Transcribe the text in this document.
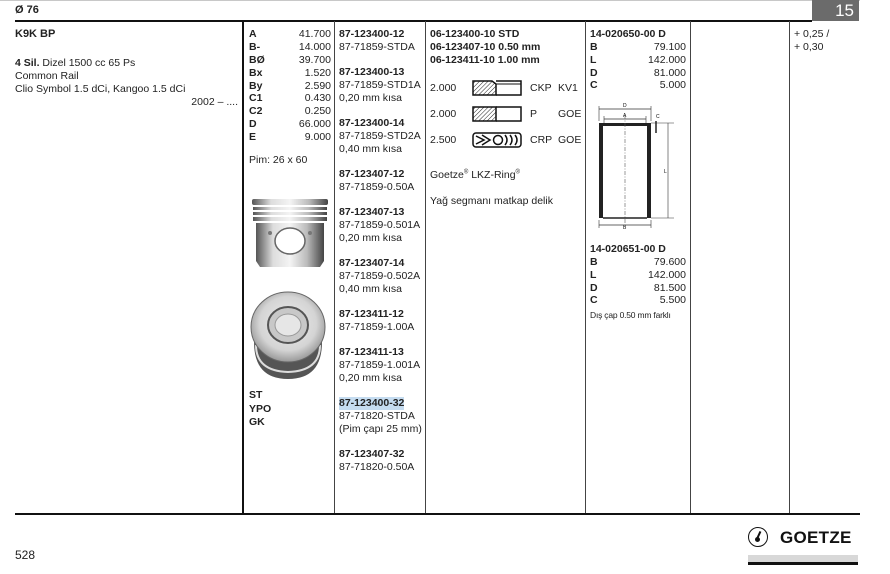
Ø 76	15
K9K BP
4 Sil. Dizel 1500 cc 65 Ps
Common Rail
Clio Symbol 1.5 dCi, Kangoo 1.5 dCi
2002 – ....
A	41.700
B-	14.000
BØ	39.700
Bx	1.520
By	2.590
C1	0.430
C2	0.250
D	66.000
E	9.000
Pim: 26 x 60
ST
YPO
GK
87-123400-12
87-71859-STDA
87-123400-13
87-71859-STD1A
0,20 mm kısa
87-123400-14
87-71859-STD2A
0,40 mm kısa
87-123407-12
87-71859-0.50A
87-123407-13
87-71859-0.501A
0,20 mm kısa
87-123407-14
87-71859-0.502A
0,40 mm kısa
87-123411-12
87-71859-1.00A
87-123411-13
87-71859-1.001A
0,20 mm kısa
87-123400-32
87-71820-STDA
(Pim çapı 25 mm)
87-123407-32
87-71820-0.50A
06-123400-10 STD
06-123407-10 0.50 mm
06-123411-10 1.00 mm
2.000	CKP KV1
2.000	P GOE
2.500	CRP GOE
Goetze® LKZ-Ring®
Yağ segmanı matkap delik
14-020650-00 D
B	79.100
L	142.000
D	81.000
C	5.000
D
A
L
C
B
14-020651-00 D
B	79.600
L	142.000
D	81.500
C	5.500
Dış çap 0.50 mm farklı
+ 0,25 /
+ 0,30
528
GOETZE
